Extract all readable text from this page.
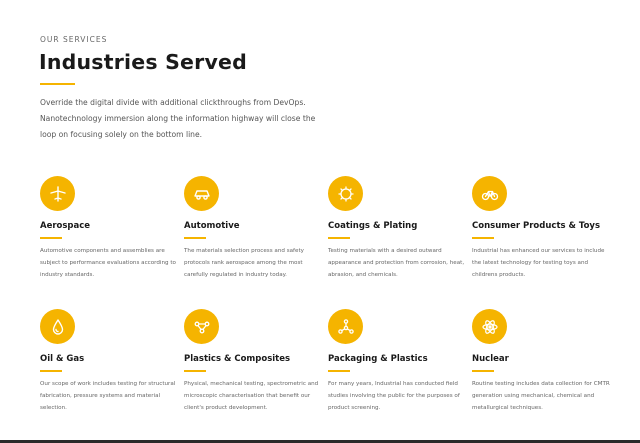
OUR SERVICES
Industries Served
Override the digital divide with additional clickthroughs from DevOps. Nanotechnology immersion along the information highway will close the loop on focusing solely on the bottom line.
Aerospace
Automotive components and assemblies are subject to performance evaluations according to industry standards.
Automotive
The materials selection process and safety protocols rank aerospace among the most carefully regulated in industry today.
Coatings & Plating
Testing materials with a desired outward appearance and protection from corrosion, heat, abrasion, and chemicals.
Consumer Products & Toys
Industrial has enhanced our services to include the latest technology for testing toys and childrens products.
Oil & Gas
Our scope of work includes testing for structural fabrication, pressure systems and material selection.
Plastics & Composites
Physical, mechanical testing, spectrometric and microscopic characterisation that benefit our client's product development.
Packaging & Plastics
For many years, Industrial has conducted field studies involving the public for the purposes of product screening.
Nuclear
Routine testing includes data collection for CMTR generation using mechanical, chemical and metallurgical techniques.
